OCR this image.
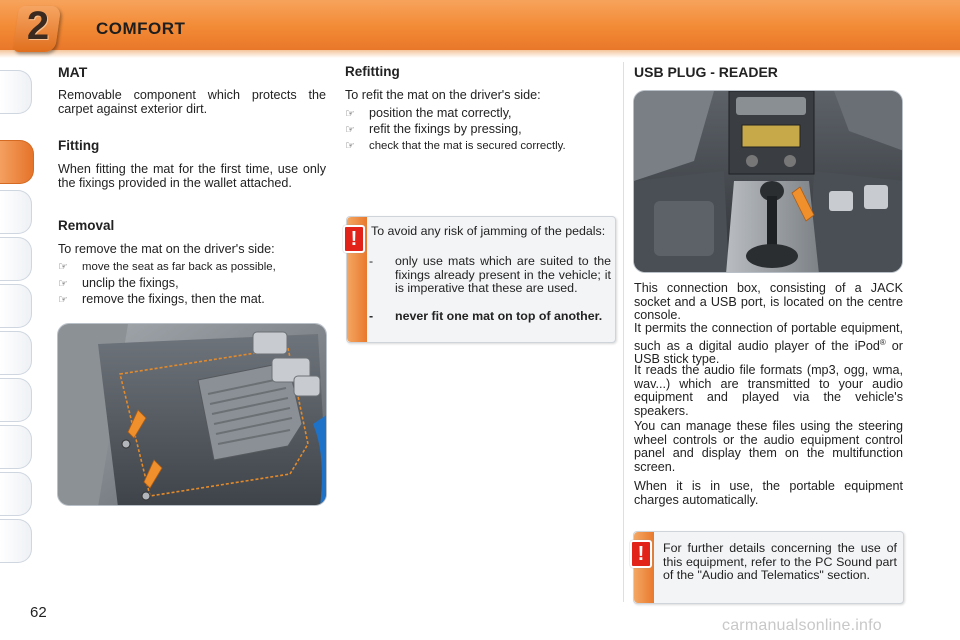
2	COMFORT
MAT
Removable component which protects the carpet against exterior dirt.
Fitting
When fitting the mat for the first time, use only the fixings provided in the wallet attached.
Removal
To remove the mat on the driver's side:
☞ move the seat as far back as possible,
☞ unclip the fixings,
☞ remove the fixings, then the mat.
Refitting
To refit the mat on the driver's side:
☞ position the mat correctly,
☞ refit the fixings by pressing,
☞ check that the mat is secured correctly.
To avoid any risk of jamming of the pedals:
- only use mats which are suited to the fixings already present in the vehicle; it is imperative that these are used.
- never fit one mat on top of another.
!
USB PLUG - READER
This connection box, consisting of a JACK socket and a USB port, is located on the centre console.
It permits the connection of portable equipment, such as a digital audio player of the iPod® or USB stick type.
It reads the audio file formats (mp3, ogg, wma, wav...) which are transmitted to your audio equipment and played via the vehicle's speakers.
You can manage these files using the steering wheel controls or the audio equipment control panel and display them on the multifunction screen.
When it is in use, the portable equipment charges automatically.
For further details concerning the use of this equipment, refer to the PC Sound part of the "Audio and Telematics" section.
!
62
carmanualsonline.info
